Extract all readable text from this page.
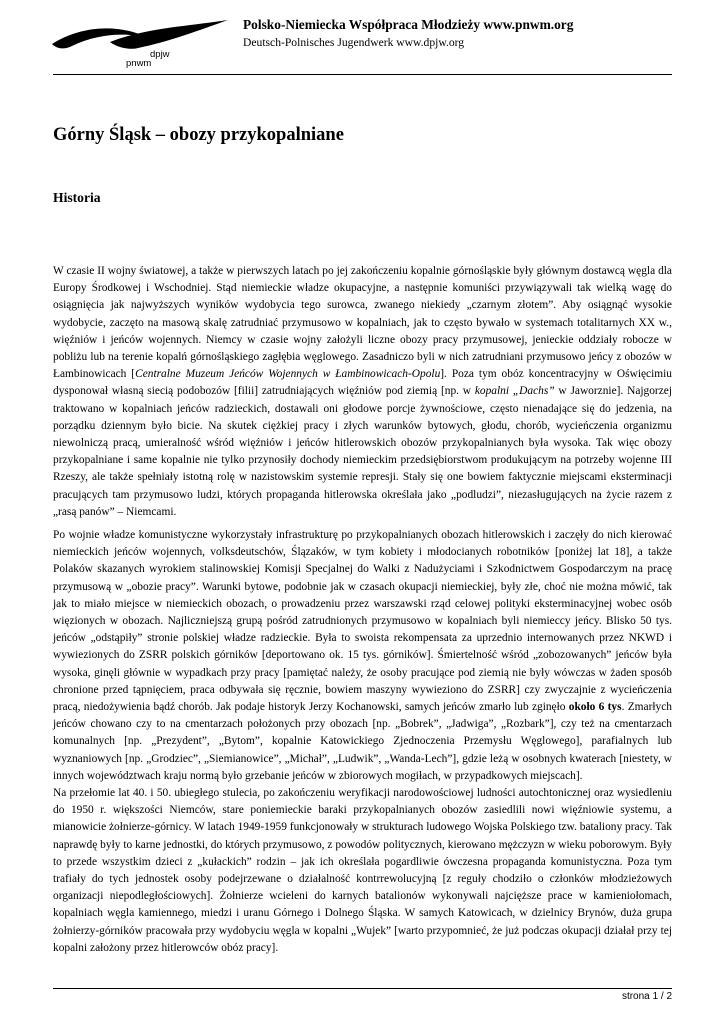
dpjw
pnwm
Polsko-Niemiecka Współpraca Młodzieży www.pnwm.org
Deutsch-Polnisches Jugendwerk www.dpjw.org
Górny Śląsk – obozy przykopalniane
Historia

W czasie II wojny światowej, a także w pierwszych latach po jej zakończeniu kopalnie górnośląskie były głównym dostawcą węgla dla Europy Środkowej i Wschodniej. Stąd niemieckie władze okupacyjne, a następnie komuniści przywiązywali tak wielką wagę do osiągnięcia jak najwyższych wyników wydobycia tego surowca, zwanego niekiedy „czarnym złotem”. Aby osiągnąć wysokie wydobycie, zaczęto na masową skalę zatrudniać przymusowo w kopalniach, jak to często bywało w systemach totalitarnych XX w., więźniów i jeńców wojennych. Niemcy w czasie wojny założyli liczne obozy pracy przymusowej, jenieckie oddziały robocze w pobliżu lub na terenie kopalń górnośląskiego zagłębia węglowego. Zasadniczo byli w nich zatrudniani przymusowo jeńcy z obozów w Łambinowicach [Centralne Muzeum Jeńców Wojennych w Łambinowicach-Opolu]. Poza tym obóz koncentracyjny w Oświęcimiu dysponował własną siecią podobozów [filii] zatrudniających więźniów pod ziemią [np. w kopalni „Dachs” w Jaworznie]. Najgorzej traktowano w kopalniach jeńców radzieckich, dostawali oni głodowe porcje żywnościowe, często nienadające się do jedzenia, na porządku dziennym było bicie. Na skutek ciężkiej pracy i złych warunków bytowych, głodu, chorób, wycieńczenia organizmu niewolniczą pracą, umieralność wśród więźniów i jeńców hitlerowskich obozów przykopalnianych była wysoka. Tak więc obozy przykopalniane i same kopalnie nie tylko przynosiły dochody niemieckim przedsiębiorstwom produkującym na potrzeby wojenne III Rzeszy, ale także spełniały istotną rolę w nazistowskim systemie represji. Stały się one bowiem faktycznie miejscami eksterminacji pracujących tam przymusowo ludzi, których propaganda hitlerowska określała jako „podludzi”, niezasługujących na życie razem z „rasą panów” – Niemcami.

Po wojnie władze komunistyczne wykorzystały infrastrukturę po przykopalnianych obozach hitlerowskich i zaczęły do nich kierować niemieckich jeńców wojennych, volksdeutschów, Ślązaków, w tym kobiety i młodocianych robotników [poniżej lat 18], a także Polaków skazanych wyrokiem stalinowskiej Komisji Specjalnej do Walki z Nadużyciami i Szkodnictwem Gospodarczym na pracę przymusową w „obozie pracy”. Warunki bytowe, podobnie jak w czasach okupacji niemieckiej, były złe, choć nie można mówić, tak jak to miało miejsce w niemieckich obozach, o prowadzeniu przez warszawski rząd celowej polityki eksterminacyjnej wobec osób więzionych w obozach. Najliczniejszą grupą pośród zatrudnionych przymusowo w kopalniach byli niemieccy jeńcy. Blisko 50 tys. jeńców „odstąpiły” stronie polskiej władze radzieckie. Była to swoista rekompensata za uprzednio internowanych przez NKWD i wywiezionych do ZSRR polskich górników [deportowano ok. 15 tys. górników]. Śmiertelność wśród „zobozowanych” jeńców była wysoka, ginęli głównie w wypadkach przy pracy [pamiętać należy, że osoby pracujące pod ziemią nie były wówczas w żaden sposób chronione przed tąpnięciem, praca odbywała się ręcznie, bowiem maszyny wywieziono do ZSRR] czy zwyczajnie z wycieńczenia pracą, niedożywienia bądź chorób. Jak podaje historyk Jerzy Kochanowski, samych jeńców zmarło lub zginęło około 6 tys. Zmarłych jeńców chowano czy to na cmentarzach położonych przy obozach [np. „Bobrek”, „Jadwiga”, „Rozbark”], czy też na cmentarzach komunalnych [np. „Prezydent”, „Bytom”, kopalnie Katowickiego Zjednoczenia Przemysłu Węglowego], parafialnych lub wyznaniowych [np. „Grodziec”, „Siemianowice”, „Michał”, „Ludwik”, „Wanda-Lech”], gdzie leżą w osobnych kwaterach [niestety, w innych województwach kraju normą było grzebanie jeńców w zbiorowych mogiłach, w przypadkowych miejscach].

Na przełomie lat 40. i 50. ubiegłego stulecia, po zakończeniu weryfikacji narodowościowej ludności autochtonicznej oraz wysiedleniu do 1950 r. większości Niemców, stare poniemieckie baraki przykopalnianych obozów zasiedlili nowi więźniowie systemu, a mianowicie żołnierze-górnicy. W latach 1949-1959 funkcjonowały w strukturach ludowego Wojska Polskiego tzw. bataliony pracy. Tak naprawdę były to karne jednostki, do których przymusowo, z powodów politycznych, kierowano mężczyzn w wieku poborowym. Były to przede wszystkim dzieci z „kułackich” rodzin – jak ich określała pogardliwie ówczesna propaganda komunistyczna. Poza tym trafiały do tych jednostek osoby podejrzewane o działalność kontrrewolucyjną [z reguły chodziło o członków młodzieżowych organizacji niepodległościowych]. Żołnierze wcieleni do karnych batalionów wykonywali najcięższe prace w kamieniołomach, kopalniach węgla kamiennego, miedzi i uranu Górnego i Dolnego Śląska. W samych Katowicach, w dzielnicy Brynów, duża grupa żołnierzy-górników pracowała przy wydobyciu węgla w kopalni „Wujek” [warto przypomnieć, że już podczas okupacji działał przy tej kopalni założony przez hitlerowców obóz pracy].

strona 1 / 2
